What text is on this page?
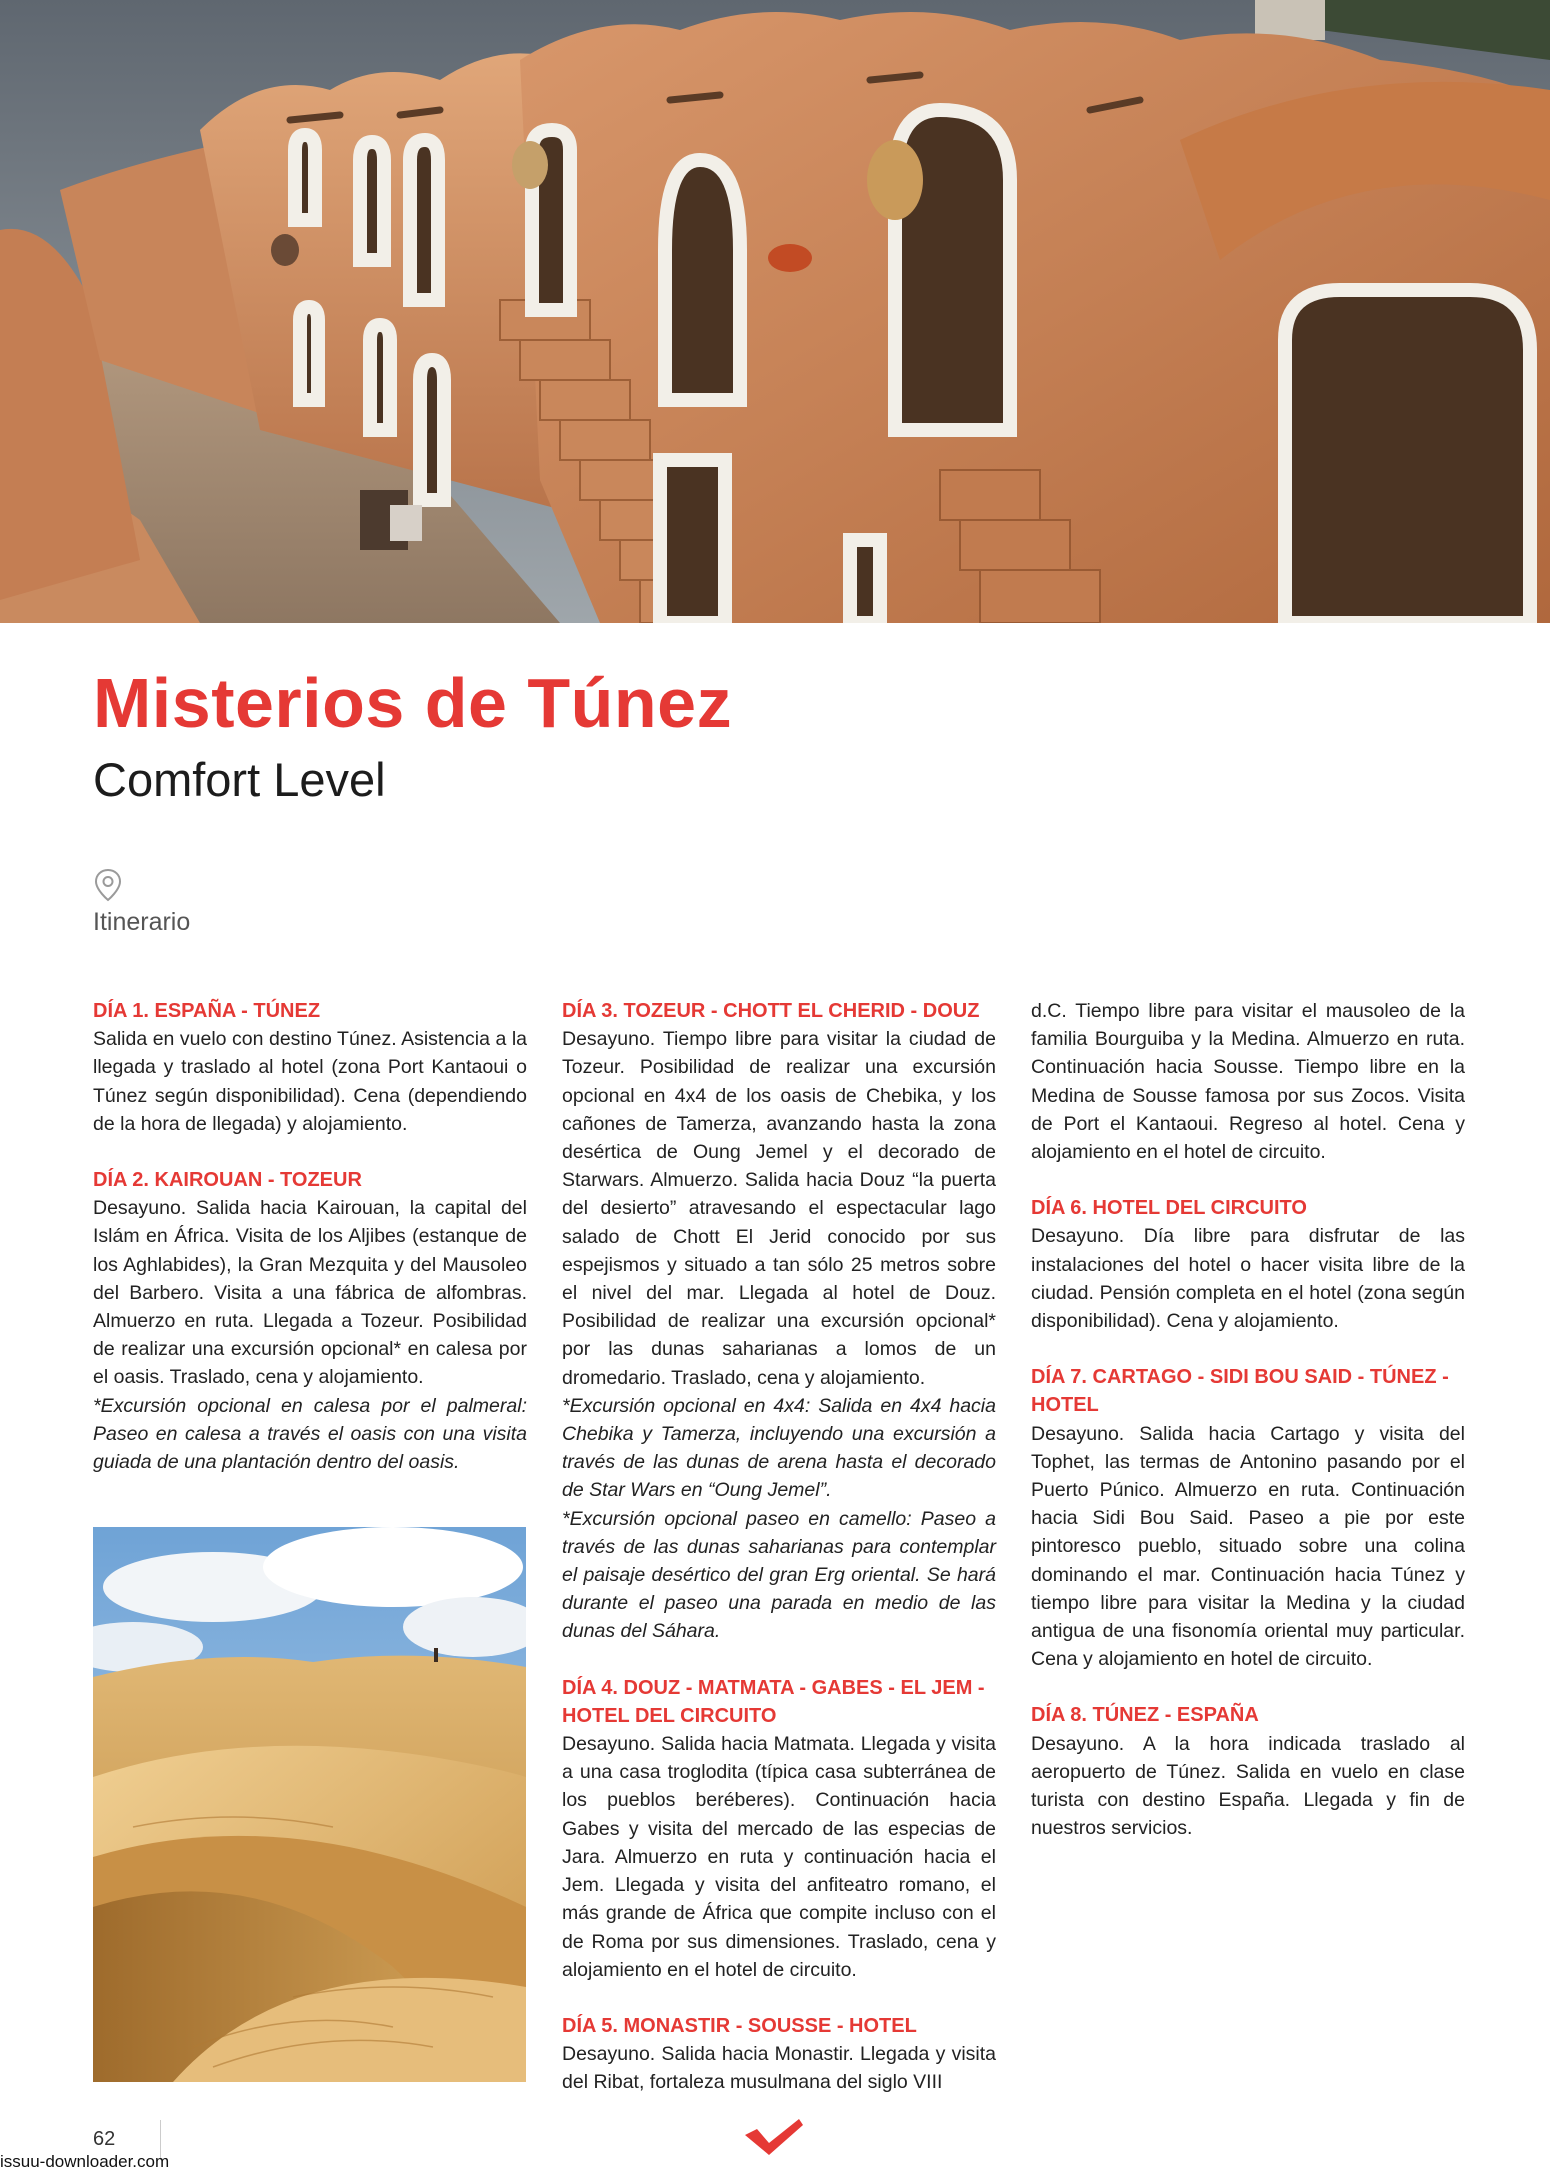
Misterios de Túnez
Comfort Level
Itinerario
DÍA 1. ESPAÑA - TÚNEZ

Salida en vuelo con destino Túnez. Asistencia a la llegada y traslado al hotel (zona Port Kantaoui o Túnez según disponibilidad). Cena (dependiendo de la hora de llegada) y alojamiento.

DÍA 2. KAIROUAN - TOZEUR

Desayuno. Salida hacia Kairouan, la capital del Islám en África. Visita de los Aljibes (estanque de los Aghlabides), la Gran Mezquita y del Mausoleo del Barbero. Visita a una fábrica de alfombras. Almuerzo en ruta. Llegada a Tozeur. Posibilidad de realizar una excursión opcional* en calesa por el oasis. Traslado, cena y alojamiento.

*Excursión opcional en calesa por el palmeral: Paseo en calesa a través el oasis con una visita guiada de una plantación dentro del oasis.

DÍA 3. TOZEUR - CHOTT EL CHERID - DOUZ

Desayuno. Tiempo libre para visitar la ciudad de Tozeur. Posibilidad de realizar una excursión opcional en 4x4 de los oasis de Chebika, y los cañones de Tamerza, avanzando hasta la zona desértica de Oung Jemel y el decorado de Starwars. Almuerzo. Salida hacia Douz “la puerta del desierto” atravesando el espectacular lago salado de Chott El Jerid conocido por sus espejismos y situado a tan sólo 25 metros sobre el nivel del mar. Llegada al hotel de Douz. Posibilidad de realizar una excursión opcional* por las dunas saharianas a lomos de un dromedario. Traslado, cena y alojamiento.

*Excursión opcional en 4x4: Salida en 4x4 hacia Chebika y Tamerza, incluyendo una excursión a través de las dunas de arena hasta el decorado de Star Wars en “Oung Jemel”.

*Excursión opcional paseo en camello: Paseo a través de las dunas saharianas para contemplar el paisaje desértico del gran Erg oriental. Se hará durante el paseo una parada en medio de las dunas del Sáhara.

DÍA 4. DOUZ - MATMATA - GABES - EL JEM - HOTEL DEL CIRCUITO

Desayuno. Salida hacia Matmata. Llegada y visita a una casa troglodita (típica casa subterránea de los pueblos beréberes). Continuación hacia Gabes y visita del mercado de las especias de Jara. Almuerzo en ruta y continuación hacia el Jem. Llegada y visita del anfiteatro romano, el más grande de África que compite incluso con el de Roma por sus dimensiones. Traslado, cena y alojamiento en el hotel de circuito.

DÍA 5. MONASTIR - SOUSSE - HOTEL

Desayuno. Salida hacia Monastir. Llegada y visita del Ribat, fortaleza musulmana del siglo VIII

d.C. Tiempo libre para visitar el mausoleo de la familia Bourguiba y la Medina. Almuerzo en ruta. Continuación hacia Sousse. Tiempo libre en la Medina de Sousse famosa por sus Zocos. Visita de Port el Kantaoui. Regreso al hotel. Cena y alojamiento en el hotel de circuito.

DÍA 6. HOTEL DEL CIRCUITO

Desayuno. Día libre para disfrutar de las instalaciones del hotel o hacer visita libre de la ciudad. Pensión completa en el hotel (zona según disponibilidad). Cena y alojamiento.

DÍA 7. CARTAGO - SIDI BOU SAID - TÚNEZ - HOTEL

Desayuno. Salida hacia Cartago y visita del Tophet, las termas de Antonino pasando por el Puerto Púnico. Almuerzo en ruta. Continuación hacia Sidi Bou Said. Paseo a pie por este pintoresco pueblo, situado sobre una colina dominando el mar. Continuación hacia Túnez y tiempo libre para visitar la Medina y la ciudad antigua de una fisonomía oriental muy particular. Cena y alojamiento en hotel de circuito.

DÍA 8. TÚNEZ - ESPAÑA

Desayuno. A la hora indicada traslado al aeropuerto de Túnez. Salida en vuelo en clase turista con destino España. Llegada y fin de nuestros servicios.

62
issuu-downloader.com
